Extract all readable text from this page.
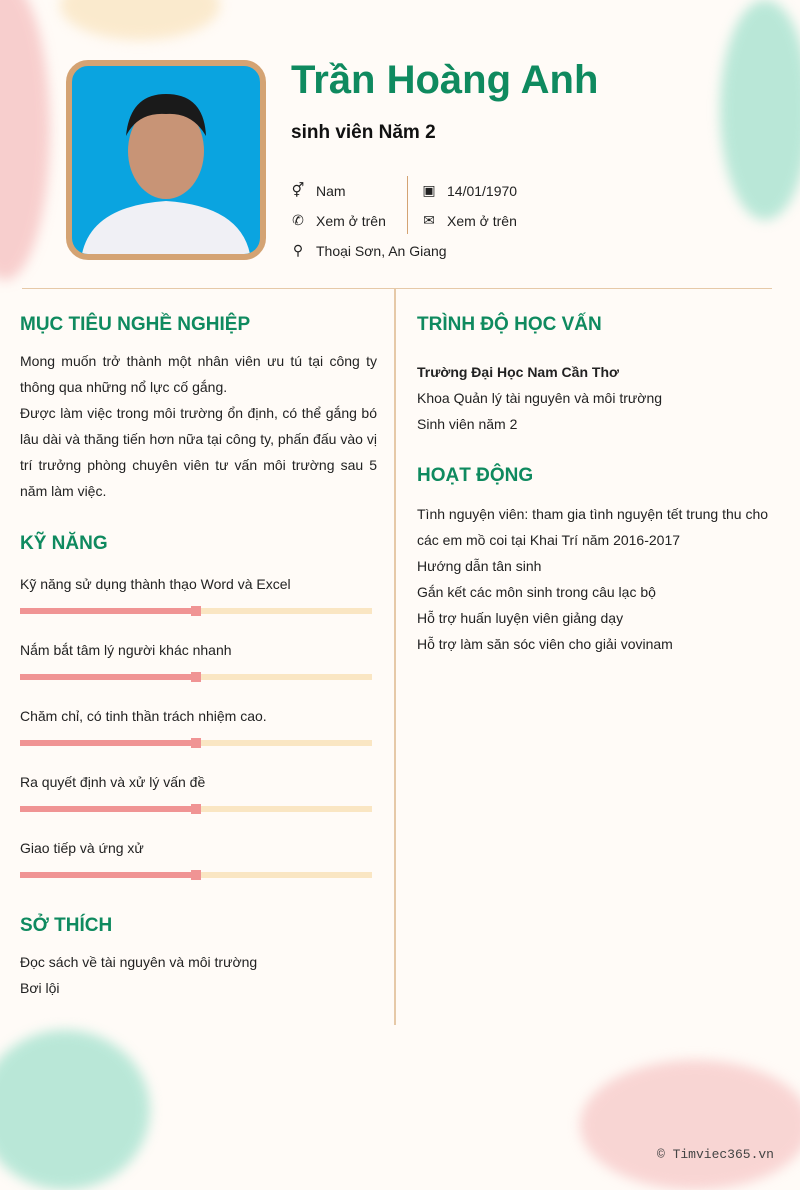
Trần Hoàng Anh
sinh viên Năm 2
⚥ Nam
✆ Xem ở trên
⚲ Thoại Sơn, An Giang
▣ 14/01/1970
✉ Xem ở trên
MỤC TIÊU NGHỀ NGHIỆP
Mong muốn trở thành một nhân viên ưu tú tại công ty thông qua những nổ lực cố gắng.
Được làm việc trong môi trường ổn định, có thể gắng bó lâu dài và thăng tiến hơn nữa tại công ty, phấn đấu vào vị trí trưởng phòng chuyên viên tư vấn môi trường sau 5 năm làm việc.
KỸ NĂNG
Kỹ năng sử dụng thành thạo Word và Excel
Nắm bắt tâm lý người khác nhanh
Chăm chỉ, có tinh thần trách nhiệm cao.
Ra quyết định và xử lý vấn đề
Giao tiếp và ứng xử
SỞ THÍCH
Đọc sách về tài nguyên và môi trường
Bơi lội
TRÌNH ĐỘ HỌC VẤN
Trường Đại Học Nam Cần Thơ
Khoa Quản lý tài nguyên và môi trường
Sinh viên năm 2
HOẠT ĐỘNG
Tình nguyện viên: tham gia tình nguyện tết trung thu cho các em mồ coi tại Khai Trí năm 2016-2017
Hướng dẫn tân sinh
Gắn kết các môn sinh trong câu lạc bộ
Hỗ trợ huấn luyện viên giảng dạy
Hỗ trợ làm săn sóc viên cho giải vovinam
© Timviec365.vn
